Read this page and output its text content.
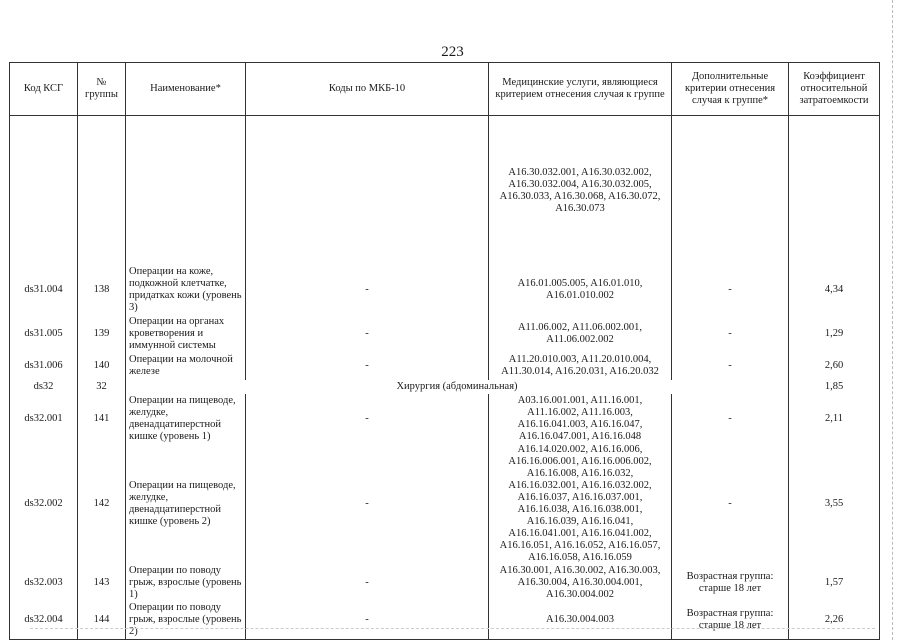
223
Код КСГ	№ группы	Наименование*	Коды по МКБ-10	Медицинские услуги, являющиеся критерием отнесения случая к группе	Дополнительные критерии отнесения случая к группе*	Коэффициент относительной затратоемкости
				A16.30.032.001, A16.30.032.002, A16.30.032.004, A16.30.032.005, A16.30.033, A16.30.068, A16.30.072, A16.30.073		
ds31.004	138	Операции на коже, подкожной клетчатке, придатках кожи (уровень 3)	-	A16.01.005.005, A16.01.010, A16.01.010.002	-	4,34
ds31.005	139	Операции на органах кроветворения и иммунной системы	-	A11.06.002, A11.06.002.001, A11.06.002.002	-	1,29
ds31.006	140	Операции на молочной железе	-	A11.20.010.003, A11.20.010.004, A11.30.014, A16.20.031, A16.20.032	-	2,60
ds32	32	Хирургия (абдоминальная)				1,85
ds32.001	141	Операции на пищеводе, желудке, двенадцатиперстной кишке (уровень 1)	-	A03.16.001.001, A11.16.001, A11.16.002, A11.16.003, A16.16.041.003, A16.16.047, A16.16.047.001, A16.16.048	-	2,11
ds32.002	142	Операции на пищеводе, желудке, двенадцатиперстной кишке (уровень 2)	-	A16.14.020.002, A16.16.006, A16.16.006.001, A16.16.006.002, A16.16.008, A16.16.032, A16.16.032.001, A16.16.032.002, A16.16.037, A16.16.037.001, A16.16.038, A16.16.038.001, A16.16.039, A16.16.041, A16.16.041.001, A16.16.041.002, A16.16.051, A16.16.052, A16.16.057, A16.16.058, A16.16.059	-	3,55
ds32.003	143	Операции по поводу грыж, взрослые (уровень 1)	-	A16.30.001, A16.30.002, A16.30.003, A16.30.004, A16.30.004.001, A16.30.004.002	Возрастная группа: старше 18 лет	1,57
ds32.004	144	Операции по поводу грыж, взрослые (уровень 2)	-	A16.30.004.003	Возрастная группа: старше 18 лет	2,26
